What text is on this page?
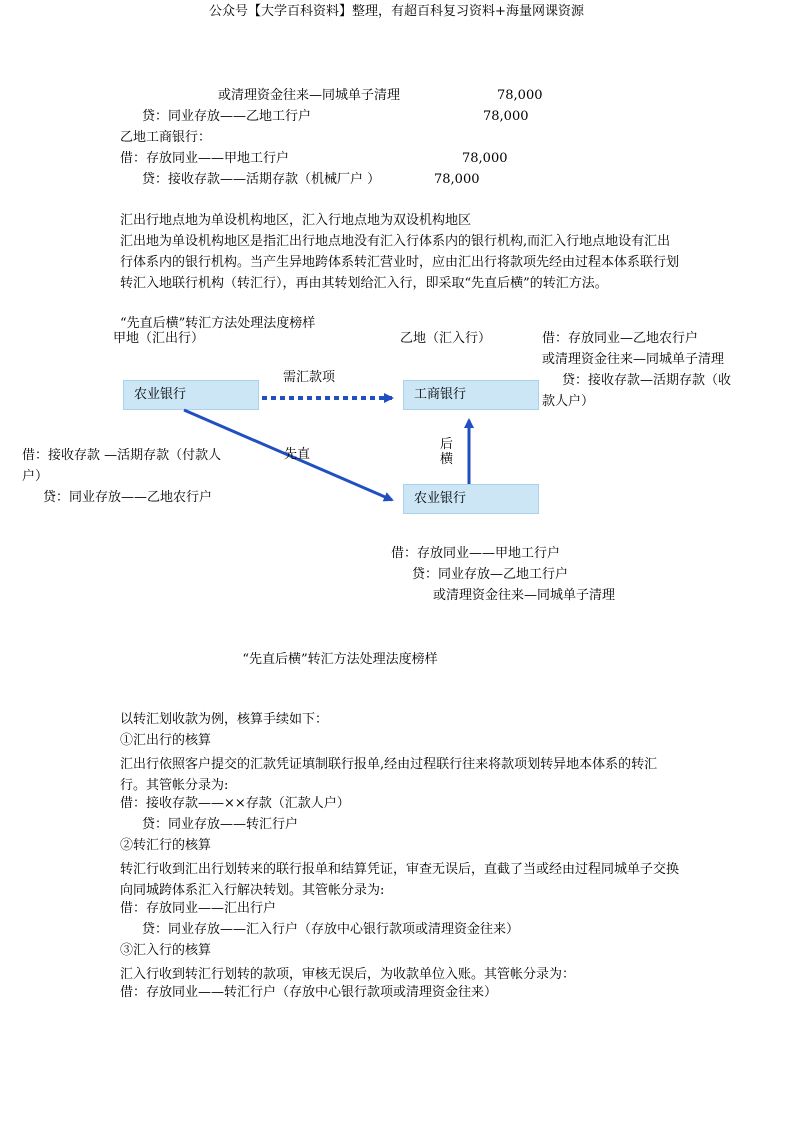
公众号【大学百科资料】整理，有超百科复习资料+海量网课资源
或清理资金往来—同城单子清理	78,000
贷：同业存放——乙地工行户	78,000
乙地工商银行：
借：存放同业——甲地工行户	78,000
贷：接收存款——活期存款（机械厂户 ）	78,000
汇出行地点地为单设机构地区，汇入行地点地为双设机构地区
汇出地为单设机构地区是指汇出行地点地没有汇入行体系内的银行机构,而汇入行地点地设有汇出行体系内的银行机构。当产生异地跨体系转汇营业时，应由汇出行将款项先经由过程本体系联行划转汇入地联行机构（转汇行），再由其转划给汇入行，即采取“先直后横”的转汇方法。
“先直后横”转汇方法处理法度榜样
甲地（汇出行）	乙地（汇入行）
农业银行	工商银行
农业银行
需汇款项
先直
后
横
借：存放同业—乙地农行户
或清理资金往来—同城单子清理
贷：接收存款—活期存款（收
款人户）
借：接收存款 —活期存款（付款人
户）
贷：同业存放——乙地农行户
借：存放同业——甲地工行户
贷：同业存放—乙地工行户
或清理资金往来—同城单子清理
“先直后横”转汇方法处理法度榜样
以转汇划收款为例，核算手续如下：
①汇出行的核算
汇出行依照客户提交的汇款凭证填制联行报单,经由过程联行往来将款项划转异地本体系的转汇行。其管帐分录为:
借：接收存款——××存款（汇款人户）
贷：同业存放——转汇行户
②转汇行的核算
转汇行收到汇出行划转来的联行报单和结算凭证，审查无误后，直截了当或经由过程同城单子交换向同城跨体系汇入行解决转划。其管帐分录为:
借：存放同业——汇出行户
贷：同业存放——汇入行户（存放中心银行款项或清理资金往来）
③汇入行的核算
汇入行收到转汇行划转的款项，审核无误后，为收款单位入账。其管帐分录为：
借：存放同业——转汇行户（存放中心银行款项或清理资金往来）
